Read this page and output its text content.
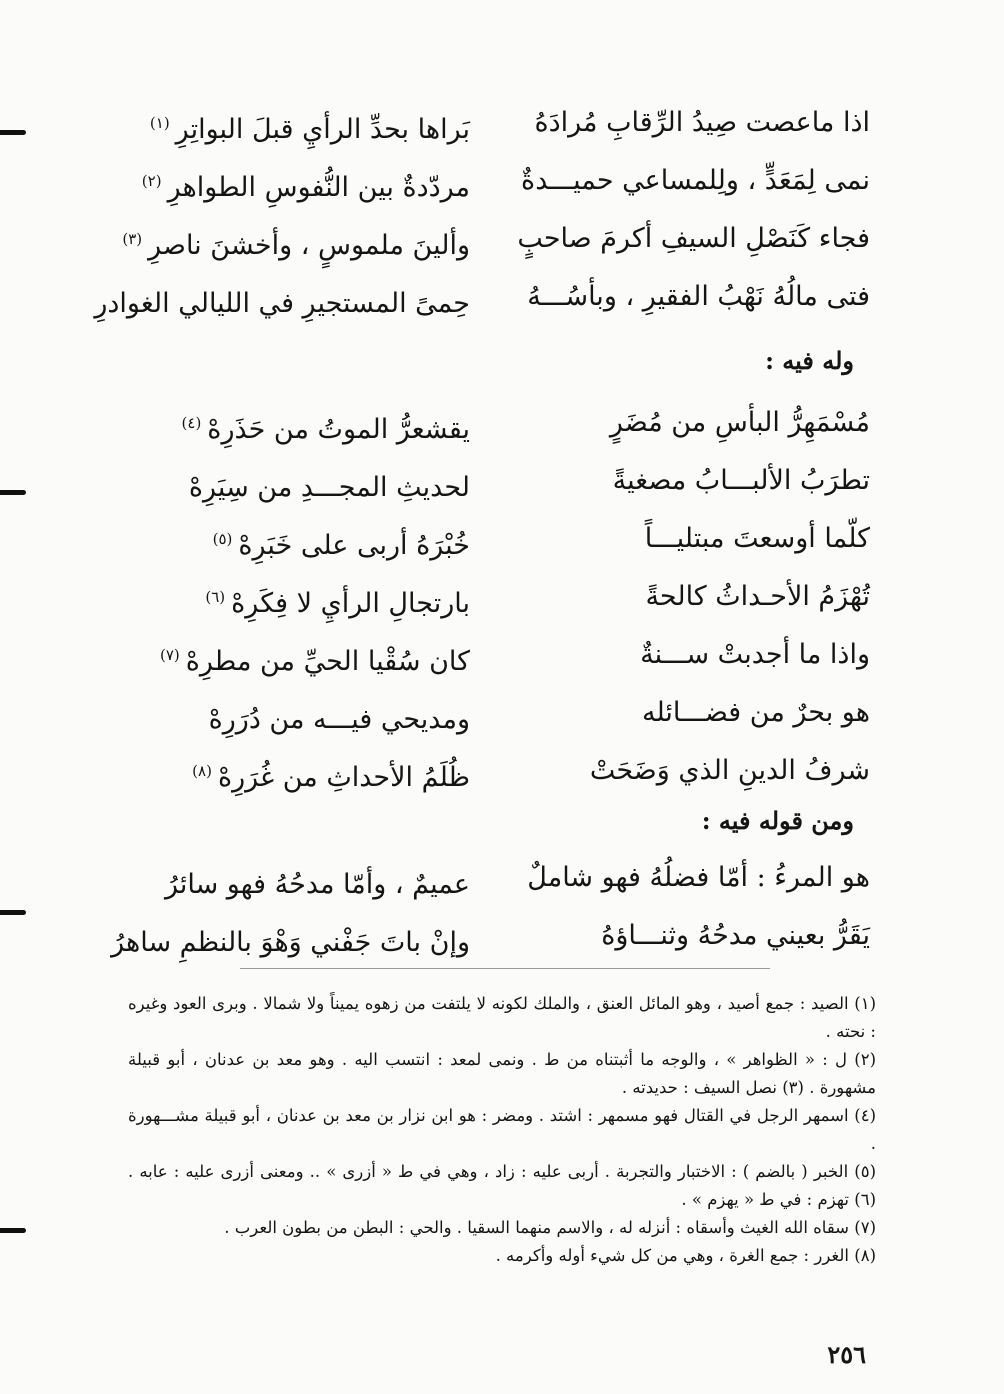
اذا ماعصت صِيدُ الرِّقابِ مُرادَهُ
بَراها بحدِّ الرأيِ قبلَ البواتِرِ$^{(١)}$
نمى لِمَعَدٍّ ، ولِلمساعي حميـــدةٌ
مردّدةٌ بين النُّفوسِ الطواهرِ$^{(٢)}$
فجاء كَنَصْلِ السيفِ أكرمَ صاحبٍ
وألينَ ملموسٍ ، وأخشنَ ناصرِ$^{(٣)}$
فتى مالُهُ نَهْبُ الفقيرِ ، وبأسُـــهُ
حِمىً المستجيرِ في الليالي الغوادرِ
وله فيه :
مُسْمَهِرُّ البأسِ من مُضَرٍ
يقشعرُّ الموتُ من حَذَرِهْ$^{(٤)}$
تطرَبُ الألبـــابُ مصغيةً
لحديثِ المجـــدِ من سِيَرِهْ
كلّما أوسعتَ مبتليـــاً
خُبْرَهُ أربى على خَبَرِهْ$^{(٥)}$
تُهْزَمُ الأحـداثُ كالحةً
بارتجالِ الرأيِ لا فِكَرِهْ$^{(٦)}$
واذا ما أجدبتْ ســـنةٌ
كان سُقْيا الحيِّ من مطرِهْ$^{(٧)}$
هو بحرٌ من فضـــائله
ومديحي فيـــه من دُرَرِهْ
شرفُ الدينِ الذي وَضَحَتْ
ظُلَمُ الأحداثِ من غُرَرِهْ$^{(٨)}$
ومن قوله فيه :
هو المرءُ : أمّا فضلُهُ فهو شاملٌ
عميمٌ ، وأمّا مدحُهُ فهو سائرُ
يَقَرُّ بعيني مدحُهُ وثنـــاؤهُ
وإنْ باتَ جَفْني وَهْوَ بالنظمِ ساهرُ

(١) الصيد : جمع أصيد ، وهو المائل العنق ، والملك لكونه لا يلتفت من زهوه يميناً ولا شمالا . وبرى العود وغيره : نحته .

(٢) ل : « الظواهر » ، والوجه ما أثبتناه من ط . ونمى لمعد : انتسب اليه . وهو معد بن عدنان ، أبو قبيلة مشهورة . (٣) نصل السيف : حديدته .

(٤) اسمهر الرجل في القتال فهو مسمهر : اشتد . ومضر : هو ابن نزار بن معد بن عدنان ، أبو قبيلة مشـــهورة .

(٥) الخبر ( بالضم ) : الاختبار والتجربة . أربى عليه : زاد ، وهي في ط « أزرى » .. ومعنى أزرى عليه : عابه . (٦) تهزم : في ط « يهزم » .

(٧) سقاه الله الغيث وأسقاه : أنزله له ، والاسم منهما السقيا . والحي : البطن من بطون العرب .

(٨) الغرر : جمع الغرة ، وهي من كل شيء أوله وأكرمه .

٢٥٦
